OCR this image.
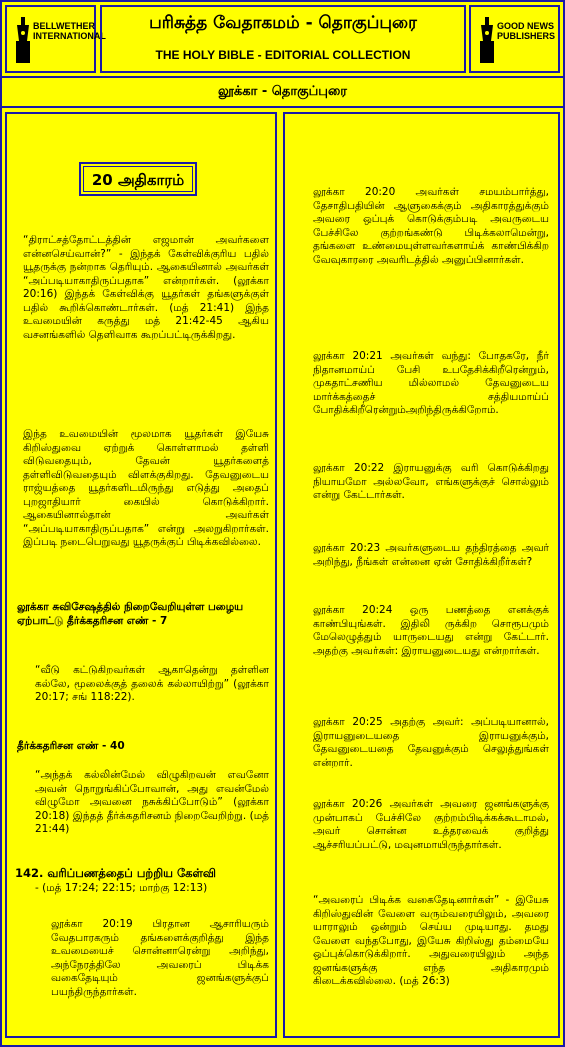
BELLWETHER INTERNATIONAL
பரிசுத்த வேதாகமம் - தொகுப்புரை
THE HOLY BIBLE - EDITORIAL COLLECTION
GOOD NEWS PUBLISHERS
லூக்கா - தொகுப்புரை
20 அதிகாரம்
“திராட்சத்தோட்டத்தின் எஜமான் அவர்களை என்னசெய்வான்?” - இந்தக் கேள்விக்குரிய பதில் யூதருக்கு நன்றாக தெரியும். ஆகையினால் அவர்கள் “அப்படியாகாதிருப்பதாக” என்றார்கள். (லூக்கா 20:16) இந்தக் கேள்விக்கு யூதர்கள் தங்களுக்குள் பதில் கூறிக்கொண்டார்கள். (மத் 21:41) இந்த உவமையின் கருத்து மத் 21:42-45 ஆகிய வசனங்களில் தெளிவாக கூறப்பட்டிருக்கிறது.
இந்த உவமையின் மூலமாக யூதர்கள் இயேசு கிறிஸ்துவை ஏற்றுக் கொள்ளாமல் தள்ளி விடுவதையும், தேவன் யூதர்களைத் தள்ளிவிடுவதையும் விளக்குகிறது. தேவனுடைய ராஜ்யத்தை யூதர்களிடமிருந்து எடுத்து அதைப் புறஜாதியார் கையில் கொடுக்கிறார். ஆகையினால்தான் அவர்கள் “அப்படியாகாதிருப்பதாக” என்று அலறுகிறார்கள். இப்படி நடைபெறுவது யூதருக்குப் பிடிக்கவில்லை.
லூக்கா சுவிசேஷத்தில் நிறைவேறியுள்ள பழைய ஏற்பாட்டு தீர்க்கதரிசன எண் - 7
“வீடு கட்டுகிறவர்கள் ஆகாதென்று தள்ளின கல்லே, மூலைக்குத் தலைக் கல்லாயிற்று” (லூக்கா 20:17; சங் 118:22).
தீர்க்கதரிசன எண் - 40
“அந்தக் கல்லின்மேல் விழுகிறவன் எவனோ அவன் நொறுங்கிப்போவான், அது எவன்மேல் விழுமோ அவனை நசுக்கிப்போடும்” (லூக்கா 20:18) இந்தத் தீர்க்கதரிசனம் நிறைவேறிற்று. (மத் 21:44)
142. வரிப்பணத்தைப் பற்றிய கேள்வி
- (மத் 17:24; 22:15; மாற்கு 12:13)
லூக்கா 20:19 பிரதான ஆசாரியரும் வேதபாரகரும் தங்களைக்குறித்து இந்த உவமையைச் சொன்னாரென்று அறிந்து, அந்நேரத்திலே அவரைப் பிடிக்க வகைதேடியும் ஜனங்களுக்குப் பயந்திருந்தார்கள்.
லூக்கா 20:20 அவர்கள் சமயம்பார்த்து, தேசாதிபதியின் ஆளுகைக்கும் அதிகாரத்துக்கும் அவரை ஒப்புக் கொடுக்கும்படி அவருடைய பேச்சிலே குற்றங்கண்டு பிடிக்கலாமென்று, தங்களை உண்மையுள்ளவர்களாய்க் காண்பிக்கிற வேவுகாரரை அவரிடத்தில் அனுப்பினார்கள்.
லூக்கா 20:21 அவர்கள் வந்து: போதகரே, நீர் நிதானமாய்ப் பேசி உபதேசிக்கிறீரென்றும், முகதாட்சணிய மில்லாமல் தேவனுடைய மார்க்கத்தைச் சத்தியமாய்ப் போதிக்கிறீரென்றும்அறிந்திருக்கிறோம்.
லூக்கா 20:22 இராயனுக்கு வரி கொடுக்கிறது நியாயமோ அல்லவோ, எங்களுக்குச் சொல்லும் என்று கேட்டார்கள்.
லூக்கா 20:23 அவர்களுடைய தந்திரத்தை அவர் அறிந்து, நீங்கள் என்னை ஏன் சோதிக்கிறீர்கள்?
லூக்கா 20:24 ஒரு பணத்தை எனக்குக் காண்பியுங்கள். இதிலி ருக்கிற சொரூபமும் மேலெழுத்தும் யாருடையது என்று கேட்டார். அதற்கு அவர்கள்: இராயனுடையது என்றார்கள்.
லூக்கா 20:25 அதற்கு அவர்: அப்படியானால், இராயனுடையதை இராயனுக்கும், தேவனுடையதை தேவனுக்கும் செலுத்துங்கள் என்றார்.
லூக்கா 20:26 அவர்கள் அவரை ஜனங்களுக்கு முன்பாகப் பேச்சிலே குற்றம்பிடிக்கக்கூடாமல், அவர் சொன்ன உத்தரவைக் குறித்து ஆச்சரியப்பட்டு, மவுனமாயிருந்தார்கள்.
“அவரைப் பிடிக்க வகைதேடினார்கள்” - இயேசு கிறிஸ்துவின் வேளை வரும்வரையிலும், அவரை யாராலும் ஒன்றும் செய்ய முடியாது. தமது வேளை வந்தபோது, இயேசு கிறிஸ்து தம்மையே ஒப்புக்கொடுக்கிறார். அதுவரையிலும் அந்த ஜனங்களுக்கு எந்த அதிகாரமும் கிடைக்கவில்லை. (மத் 26:3)
